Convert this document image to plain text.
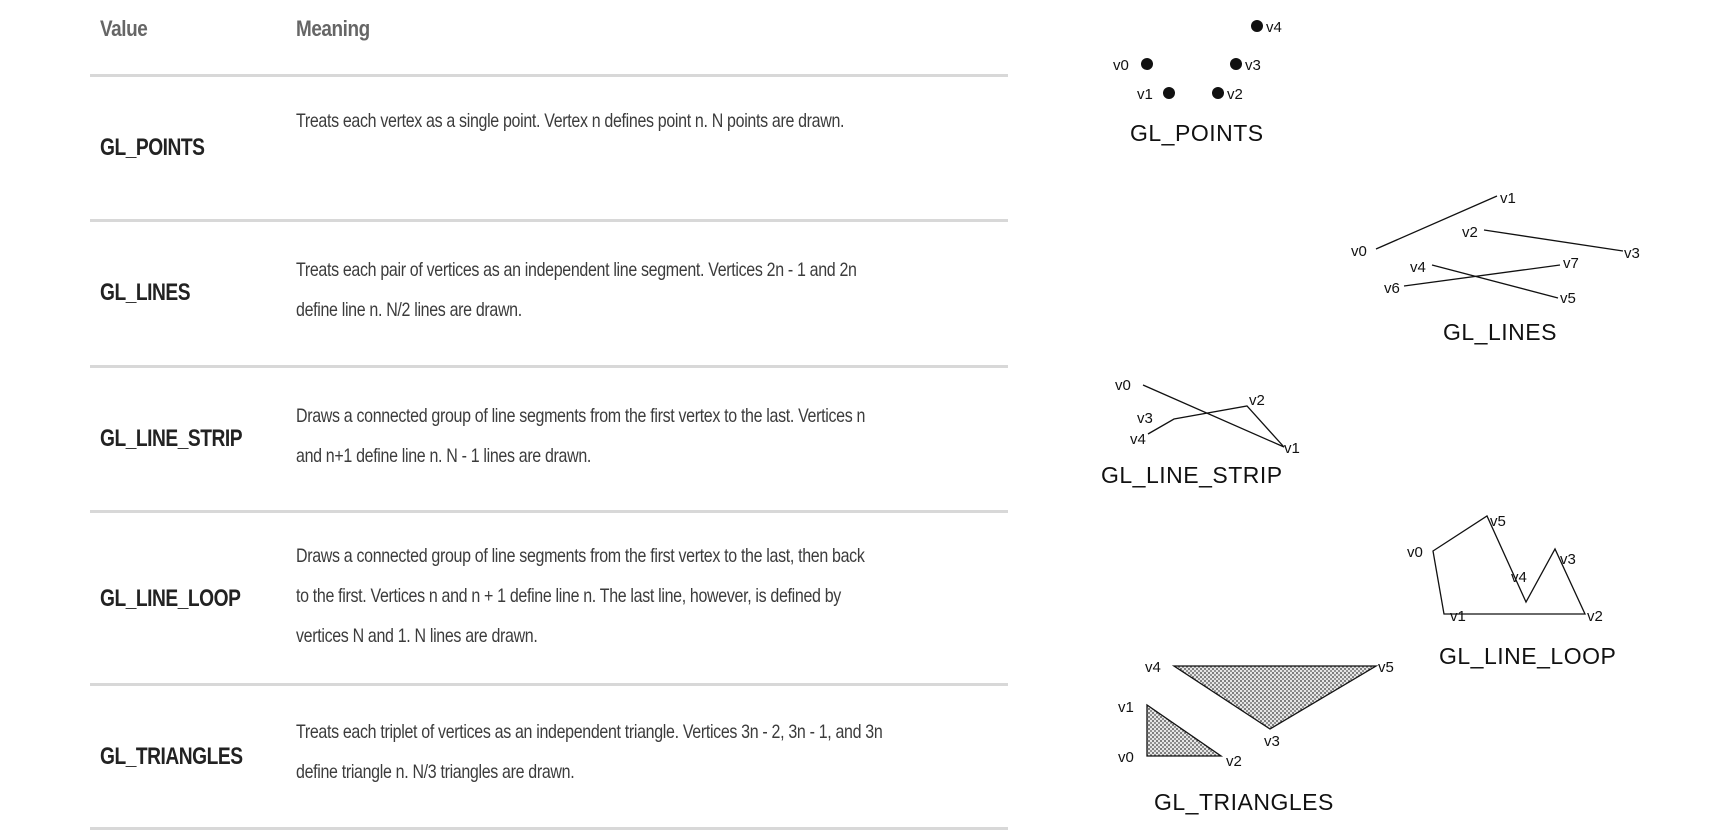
Value	Meaning
GL_POINTS
Treats each vertex as a single point. Vertex n defines point n. N points are drawn.
GL_LINES
Treats each pair of vertices as an independent line segment. Vertices 2n - 1 and 2n
define line n. N/2 lines are drawn.
GL_LINE_STRIP
Draws a connected group of line segments from the first vertex to the last. Vertices n
and n+1 define line n. N - 1 lines are drawn.
GL_LINE_LOOP
Draws a connected group of line segments from the first vertex to the last, then back
to the first. Vertices n and n + 1 define line n. The last line, however, is defined by
vertices N and 1. N lines are drawn.
GL_TRIANGLES
Treats each triplet of vertices as an independent triangle. Vertices 3n - 2, 3n - 1, and 3n
define triangle n. N/3 triangles are drawn.
v4
v0	v3
v1	v2
GL_POINTS
v0
v1
v2
v3
v4
v5
v6
v7
GL_LINES
v0
v1
v2
v3
v4
GL_LINE_STRIP
v0
v1	v2
v3
v4
v5
GL_LINE_LOOP
v0
v1
v2
v3
v4	v5
GL_TRIANGLES
